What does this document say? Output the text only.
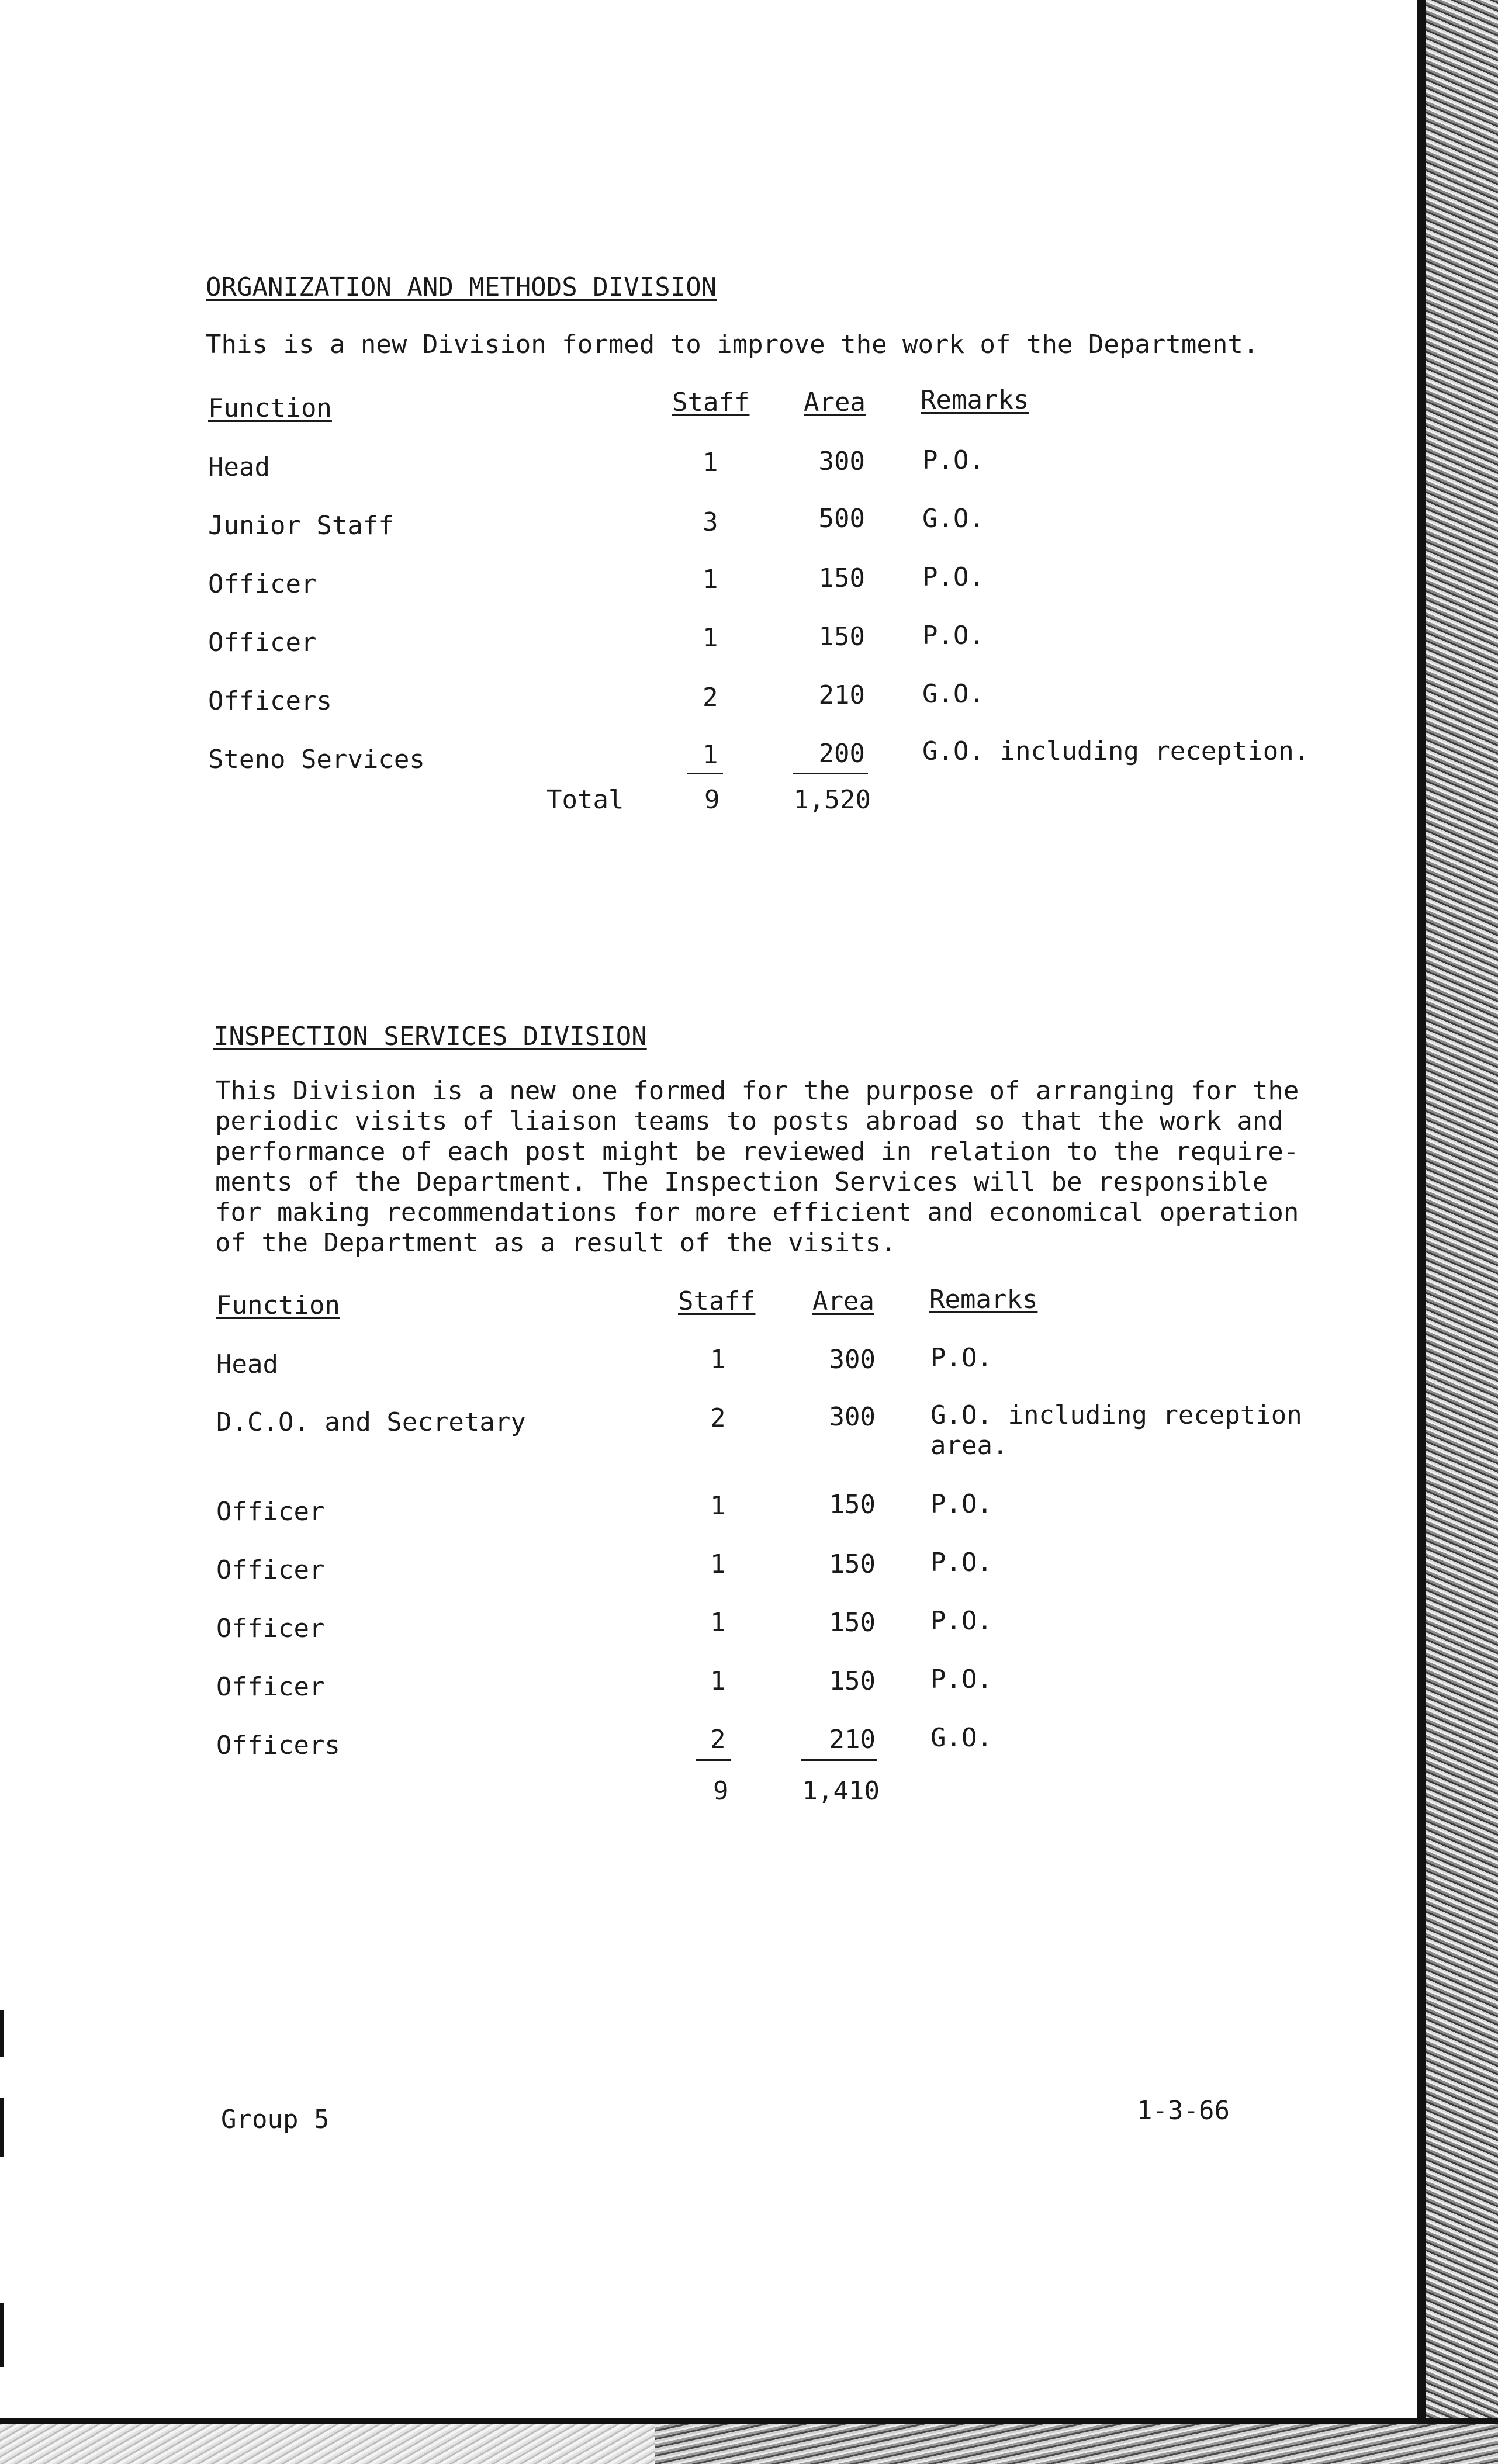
ORGANIZATION AND METHODS DIVISION
This is a new Division formed to improve the work of the Department.
Function	Staff Area Remarks
Head	1	300 P.O.
Junior Staff	3	500 G.O.
Officer	1	150 P.O.
Officer	1	150 P.O.
Officers	2	210 G.O.
Steno Services	1	200 G.O. including reception.
Total	9	1,520
INSPECTION SERVICES DIVISION
This Division is a new one formed for the purpose of arranging for the
periodic visits of liaison teams to posts abroad so that the work and
performance of each post might be reviewed in relation to the require-
ments of the Department. The Inspection Services will be responsible
for making recommendations for more efficient and economical operation
of the Department as a result of the visits.
Function	Staff Area Remarks
Head	1	300 P.O.
D.C.O. and Secretary	2	300 G.O. including reception
area.
Officer	1	150 P.O.
Officer	1	150 P.O.
Officer	1	150 P.O.
Officer	1	150 P.O.
Officers	2	210 G.O.
9	1,410
Group 5	1-3-66
